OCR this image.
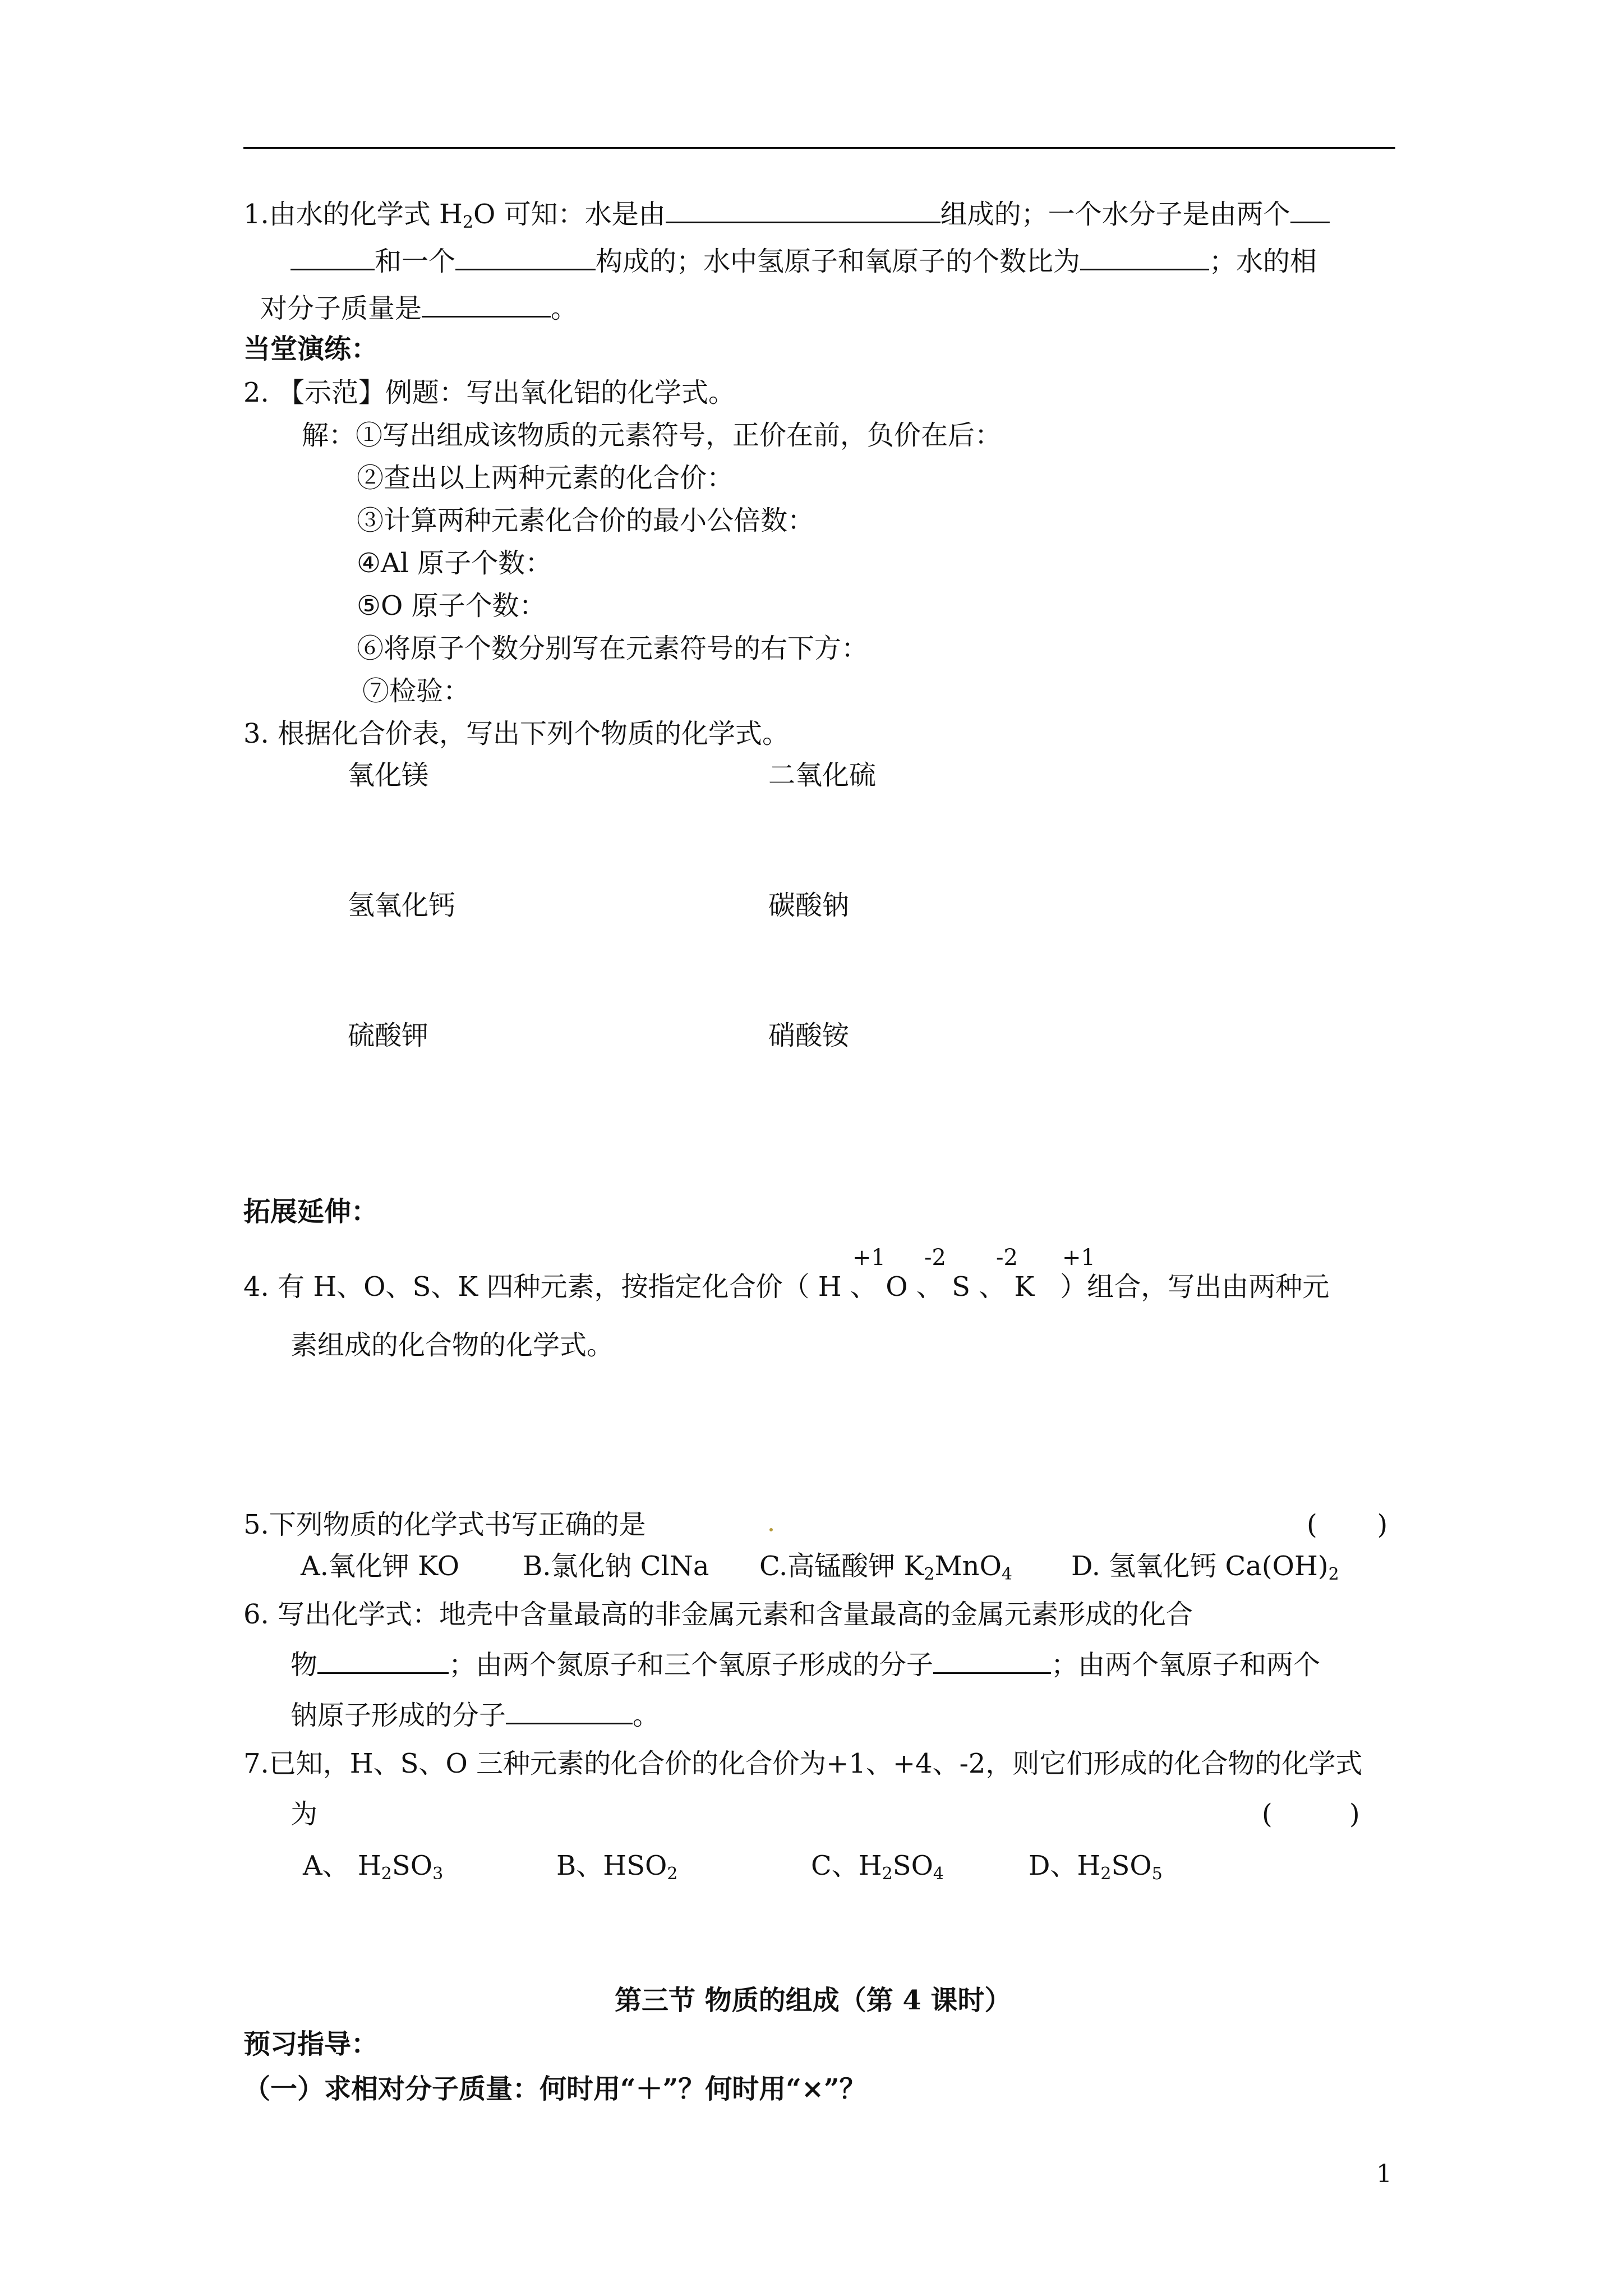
1.由水的化学式 $H_2O$ 可知：水是由	组成的；一个水分子是由两个
和一个	构成的；水中氢原子和氧原子的个数比为	；水的相
对分子质量是	。
当堂演练：
2. 【示范】例题：写出氧化铝的化学式。
解：①写出组成该物质的元素符号，正价在前，负价在后：
②查出以上两种元素的化合价：
③计算两种元素化合价的最小公倍数：
④Al 原子个数：
⑤O 原子个数：
⑥将原子个数分别写在元素符号的右下方：
⑦检验：
3. 根据化合价表，写出下列个物质的化学式。
氧化镁	二氧化硫
氢氧化钙	碳酸钠
硫酸钾	硝酸铵
拓展延伸：
+1 -2 -2 +1
4. 有 H、O、S、K 四种元素，按指定化合价（ H 、 O 、 S 、 K ）组合，写出由两种元
素组成的化合物的化学式。
5.下列物质的化学式书写正确的是	(       )
A.氧化钾 KO B.氯化钠 ClNa C.高锰酸钾 $K_2MnO_4$ D. 氢氧化钙 $Ca(OH)_2$
6. 写出化学式：地壳中含量最高的非金属元素和含量最高的金属元素形成的化合
物	；由两个氮原子和三个氧原子形成的分子	；由两个氧原子和两个
钠原子形成的分子	。
7.已知，H、S、O 三种元素的化合价的化合价为+1、+4、-2，则它们形成的化合物的化学式
为	(         )
A、 $H_2SO_3$	B、$HSO_2$	C、$H_2SO_4$	D、$H_2SO_5$
第三节 物质的组成（第 4 课时）
预习指导：
（一）求相对分子质量：何时用“＋”？何时用“×”？
1
